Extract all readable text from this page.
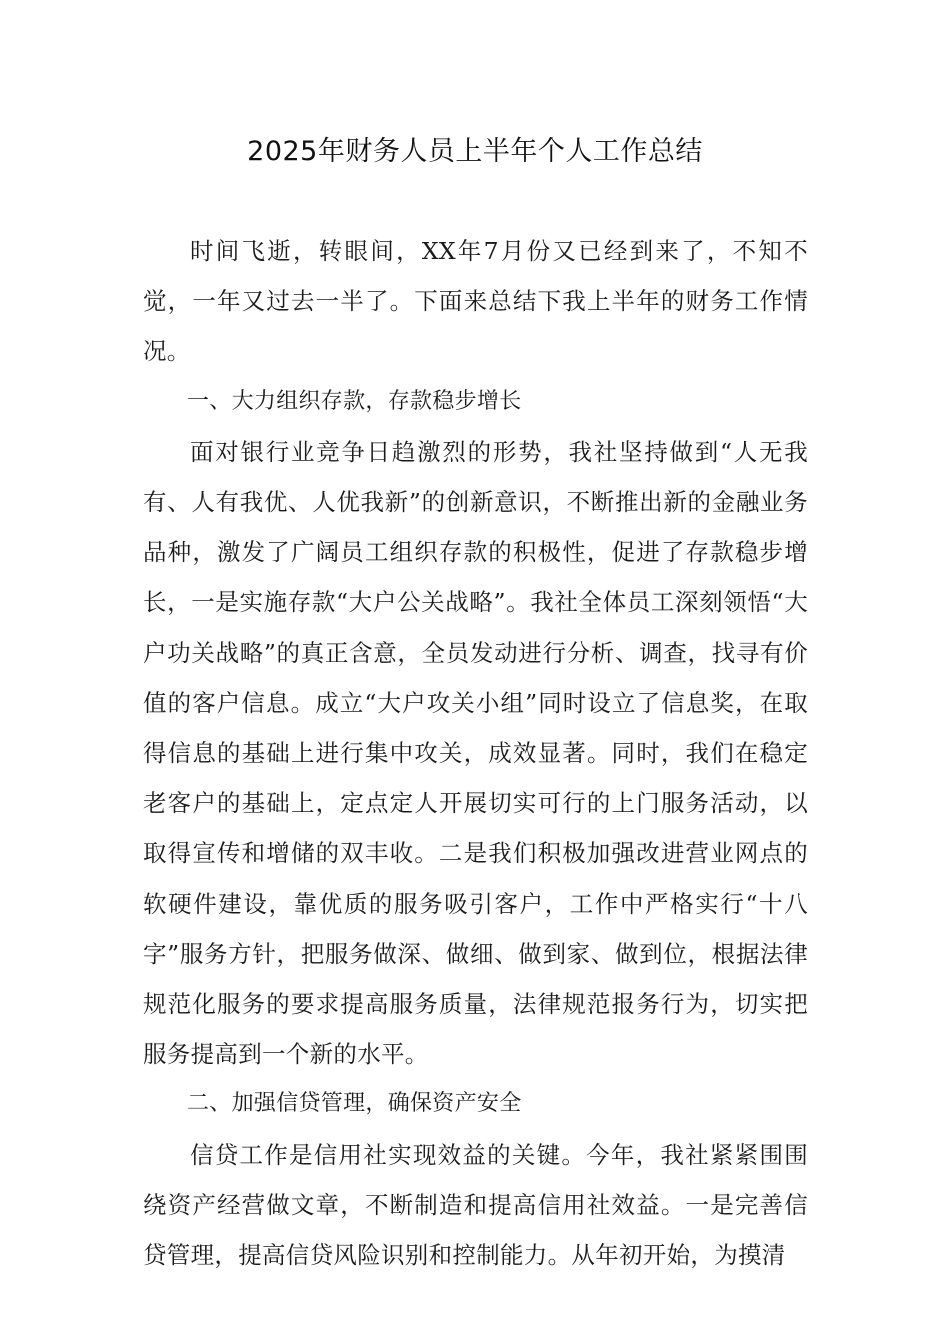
2025年财务人员上半年个人工作总结

时间飞逝，转眼间，XX年7月份又已经到来了，不知不觉，一年又过去一半了。下面来总结下我上半年的财务工作情况。

一、大力组织存款，存款稳步增长

面对银行业竞争日趋激烈的形势，我社坚持做到“人无我有、人有我优、人优我新”的创新意识，不断推出新的金融业务品种，激发了广阔员工组织存款的积极性，促进了存款稳步增长，一是实施存款“大户公关战略”。我社全体员工深刻领悟“大户功关战略”的真正含意，全员发动进行分析、调查，找寻有价值的客户信息。成立“大户攻关小组”同时设立了信息奖，在取得信息的基础上进行集中攻关，成效显著。同时，我们在稳定老客户的基础上，定点定人开展切实可行的上门服务活动，以取得宣传和增储的双丰收。二是我们积极加强改进营业网点的软硬件建设，靠优质的服务吸引客户，工作中严格实行“十八字”服务方针，把服务做深、做细、做到家、做到位，根据法律规范化服务的要求提高服务质量，法律规范报务行为，切实把服务提高到一个新的水平。

二、加强信贷管理，确保资产安全

信贷工作是信用社实现效益的关键。今年，我社紧紧围围绕资产经营做文章，不断制造和提高信用社效益。一是完善信贷管理，提高信贷风险识别和控制能力。从年初开始，为摸清
